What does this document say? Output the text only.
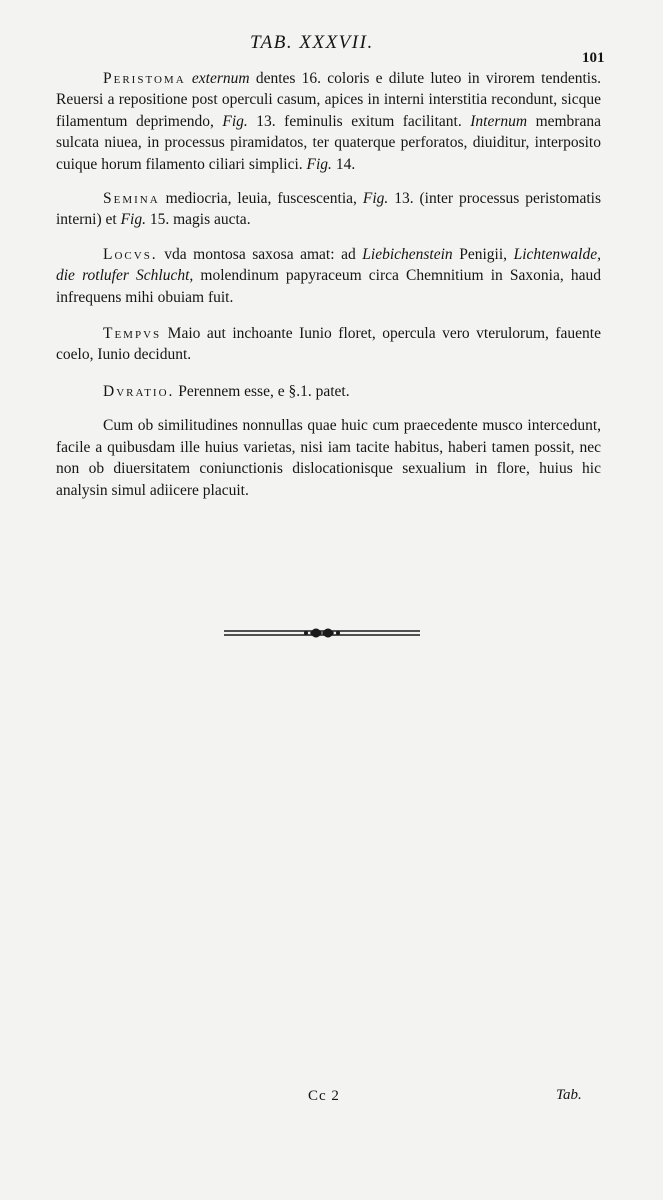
TAB. XXXVII.
101

Peristoma externum dentes 16. coloris e dilute luteo in virorem tendentis. Reuersi a repositione post operculi casum, apices in interni interstitia recondunt, sicque filamentum deprimendo, Fig. 13. feminulis exitum facilitant. Internum membrana sulcata niuea, in processus piramidatos, ter quaterque perforatos, diuiditur, interposito cuique horum filamento ciliari simplici. Fig. 14.

Semina mediocria, leuia, fuscescentia, Fig. 13. (inter processus peristomatis interni) et Fig. 15. magis aucta.

Locvs. vda montosa saxosa amat: ad Liebichenstein Penigii, Lichtenwalde, die rotlufer Schlucht, molendinum papyraceum circa Chemnitium in Saxonia, haud infrequens mihi obuiam fuit.

Tempvs Maio aut inchoante Iunio floret, opercula vero vterulorum, fauente coelo, Iunio decidunt.

Dvratio. Perennem esse, e §.1. patet.

Cum ob similitudines nonnullas quae huic cum praecedente musco intercedunt, facile a quibusdam ille huius varietas, nisi iam tacite habitus, haberi tamen possit, nec non ob diuersitatem coniunctionis dislocationisque sexualium in flore, huius hic analysin simul adiicere placuit.

Cc 2	Tab.
